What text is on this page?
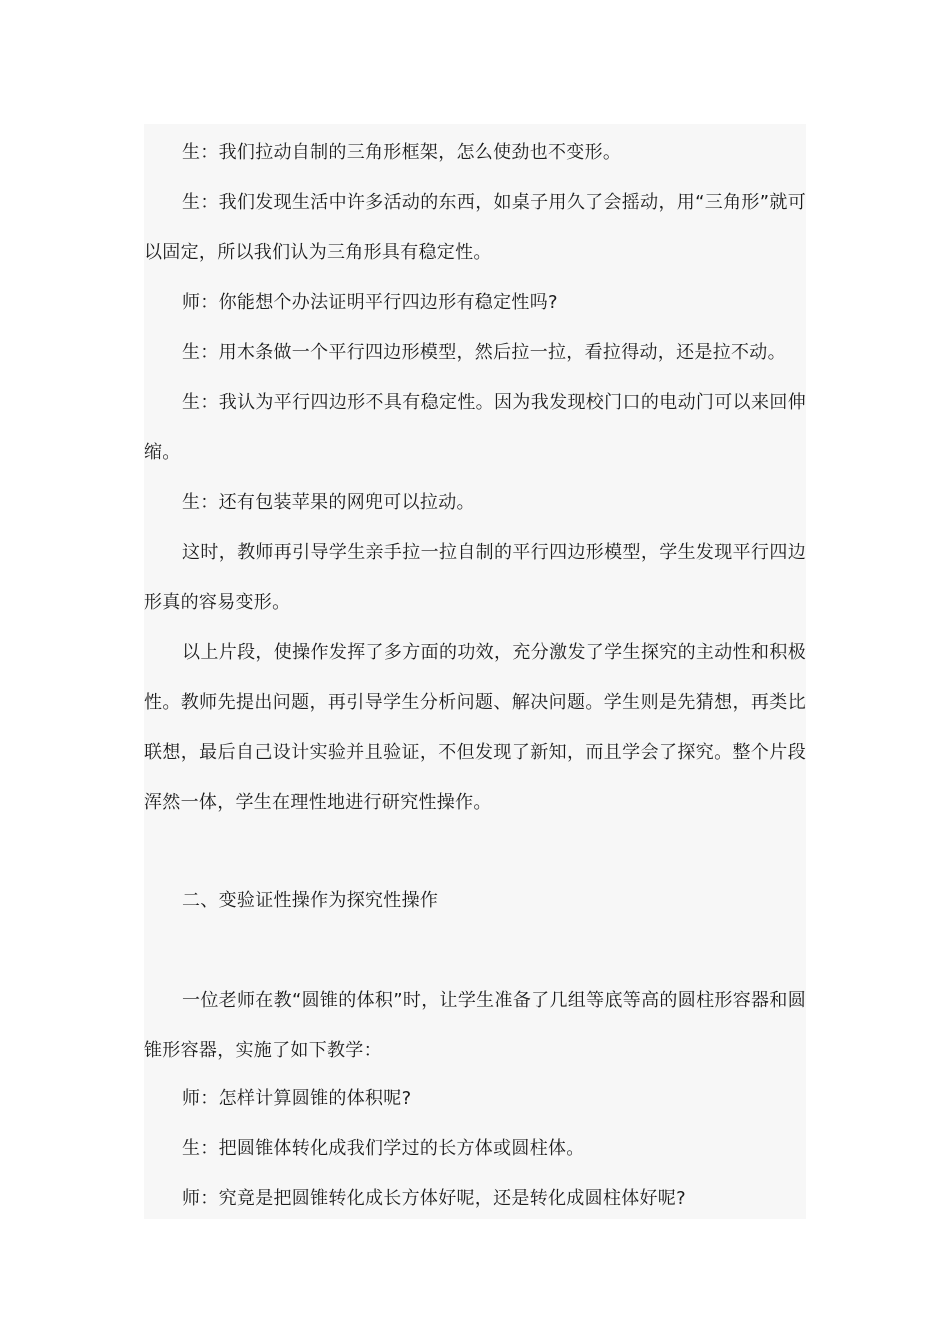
生：我们拉动自制的三角形框架，怎么使劲也不变形。

生：我们发现生活中许多活动的东西，如桌子用久了会摇动，用“三角形”就可以固定，所以我们认为三角形具有稳定性。

师：你能想个办法证明平行四边形有稳定性吗?

生：用木条做一个平行四边形模型，然后拉一拉，看拉得动，还是拉不动。

生：我认为平行四边形不具有稳定性。因为我发现校门口的电动门可以来回伸缩。

生：还有包装苹果的网兜可以拉动。

这时，教师再引导学生亲手拉一拉自制的平行四边形模型，学生发现平行四边形真的容易变形。

以上片段，使操作发挥了多方面的功效，充分激发了学生探究的主动性和积极性。教师先提出问题，再引导学生分析问题、解决问题。学生则是先猜想，再类比联想，最后自己设计实验并且验证，不但发现了新知，而且学会了探究。整个片段浑然一体，学生在理性地进行研究性操作。

二、变验证性操作为探究性操作

一位老师在教“圆锥的体积”时，让学生准备了几组等底等高的圆柱形容器和圆锥形容器，实施了如下教学：

师：怎样计算圆锥的体积呢?

生：把圆锥体转化成我们学过的长方体或圆柱体。

师：究竟是把圆锥转化成长方体好呢，还是转化成圆柱体好呢?
